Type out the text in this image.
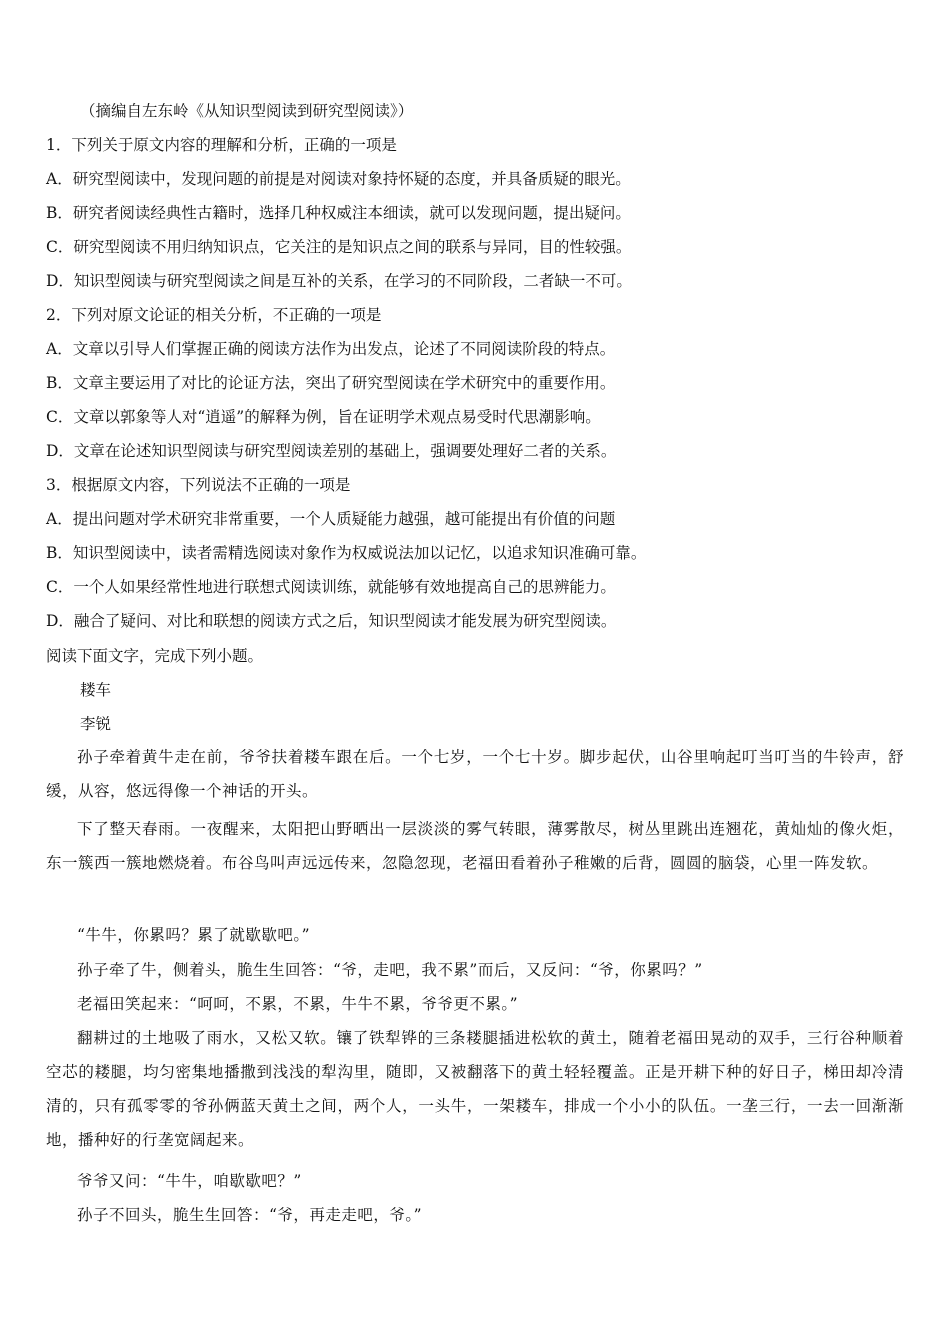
（摘编自左东岭《从知识型阅读到研究型阅读》）
1．下列关于原文内容的理解和分析，正确的一项是
A．研究型阅读中，发现问题的前提是对阅读对象持怀疑的态度，并具备质疑的眼光。
B．研究者阅读经典性古籍时，选择几种权威注本细读，就可以发现问题，提出疑问。
C．研究型阅读不用归纳知识点，它关注的是知识点之间的联系与异同，目的性较强。
D．知识型阅读与研究型阅读之间是互补的关系，在学习的不同阶段，二者缺一不可。
2．下列对原文论证的相关分析，不正确的一项是
A．文章以引导人们掌握正确的阅读方法作为出发点，论述了不同阅读阶段的特点。
B．文章主要运用了对比的论证方法，突出了研究型阅读在学术研究中的重要作用。
C．文章以郭象等人对“逍遥”的解释为例，旨在证明学术观点易受时代思潮影响。
D．文章在论述知识型阅读与研究型阅读差别的基础上，强调要处理好二者的关系。
3．根据原文内容，下列说法不正确的一项是
A．提出问题对学术研究非常重要，一个人质疑能力越强，越可能提出有价值的问题
B．知识型阅读中，读者需精选阅读对象作为权威说法加以记忆，以追求知识准确可靠。
C．一个人如果经常性地进行联想式阅读训练，就能够有效地提高自己的思辨能力。
D．融合了疑问、对比和联想的阅读方式之后，知识型阅读才能发展为研究型阅读。
阅读下面文字，完成下列小题。
耧车
李锐
孙子牵着黄牛走在前，爷爷扶着耧车跟在后。一个七岁，一个七十岁。脚步起伏，山谷里响起叮当叮当的牛铃声，舒缓，从容，悠远得像一个神话的开头。
下了整天春雨。一夜醒来，太阳把山野晒出一层淡淡的雾气转眼，薄雾散尽，树丛里跳出连翘花，黄灿灿的像火炬，东一簇西一簇地燃烧着。布谷鸟叫声远远传来，忽隐忽现，老福田看着孙子稚嫩的后背，圆圆的脑袋，心里一阵发软。
“牛牛，你累吗？累了就歇歇吧。”
孙子牵了牛，侧着头，脆生生回答：“爷，走吧，我不累”而后，又反问：“爷，你累吗？”
老福田笑起来：“呵呵，不累，不累，牛牛不累，爷爷更不累。”
翻耕过的土地吸了雨水，又松又软。镶了铁犁铧的三条耧腿插进松软的黄土，随着老福田晃动的双手，三行谷种顺着空芯的耧腿，均匀密集地播撒到浅浅的犁沟里，随即，又被翻落下的黄土轻轻覆盖。正是开耕下种的好日子，梯田却冷清清的，只有孤零零的爷孙俩蓝天黄土之间，两个人，一头牛，一架耧车，排成一个小小的队伍。一垄三行，一去一回渐渐地，播种好的行垄宽阔起来。
爷爷又问：“牛牛，咱歇歇吧？”
孙子不回头，脆生生回答：“爷，再走走吧，爷。”
